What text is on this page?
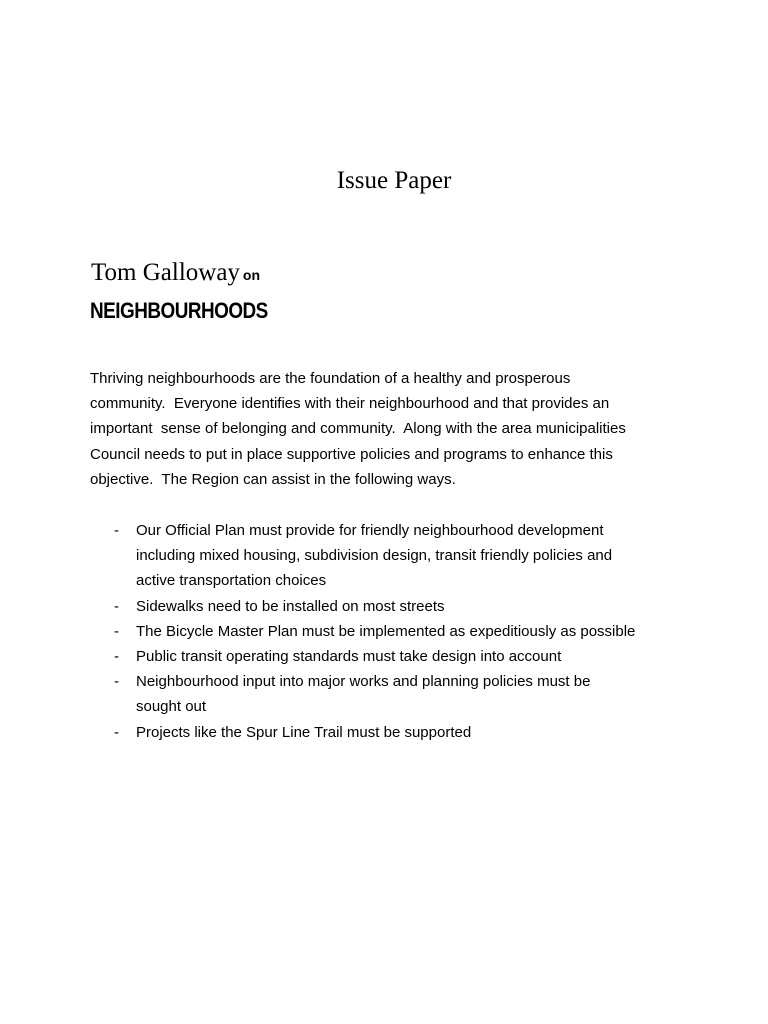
Issue Paper
Tom Galloway on
NEIGHBOURHOODS
Thriving neighbourhoods are the foundation of a healthy and prosperous
community.  Everyone identifies with their neighbourhood and that provides an
important  sense of belonging and community.  Along with the area municipalities
Council needs to put in place supportive policies and programs to enhance this
objective.  The Region can assist in the following ways.
- Our Official Plan must provide for friendly neighbourhood development
including mixed housing, subdivision design, transit friendly policies and
active transportation choices
- Sidewalks need to be installed on most streets
- The Bicycle Master Plan must be implemented as expeditiously as possible
- Public transit operating standards must take design into account
- Neighbourhood input into major works and planning policies must be
sought out
- Projects like the Spur Line Trail must be supported
